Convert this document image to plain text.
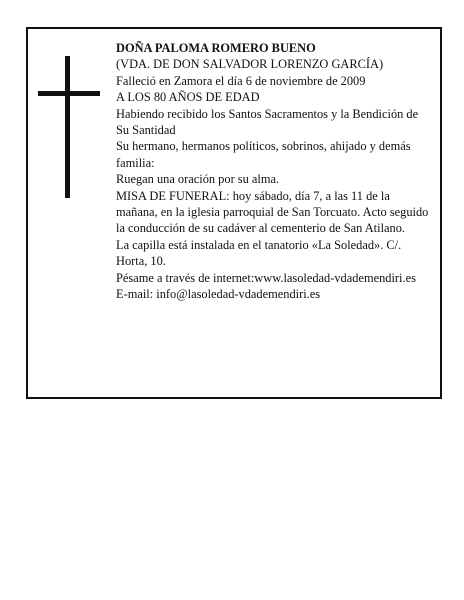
DOÑA PALOMA ROMERO BUENO

(VDA. DE DON SALVADOR LORENZO GARCÍA)

Falleció en Zamora el día 6 de noviembre de 2009

A LOS 80 AÑOS DE EDAD

Habiendo recibido los Santos Sacramentos y la Bendición de Su Santidad

Su hermano, hermanos políticos, sobrinos, ahijado y demás familia:

Ruegan una oración por su alma.

MISA DE FUNERAL: hoy sábado, día 7, a las 11 de la mañana, en la iglesia parroquial de San Torcuato. Acto seguido la conducción de su cadáver al cementerio de San Atilano.

La capilla está instalada en el tanatorio «La Soledad». C/. Horta, 10.

Pésame a través de internet:www.lasoledad-vdademendiri.es

E-mail: info@lasoledad-vdademendiri.es
